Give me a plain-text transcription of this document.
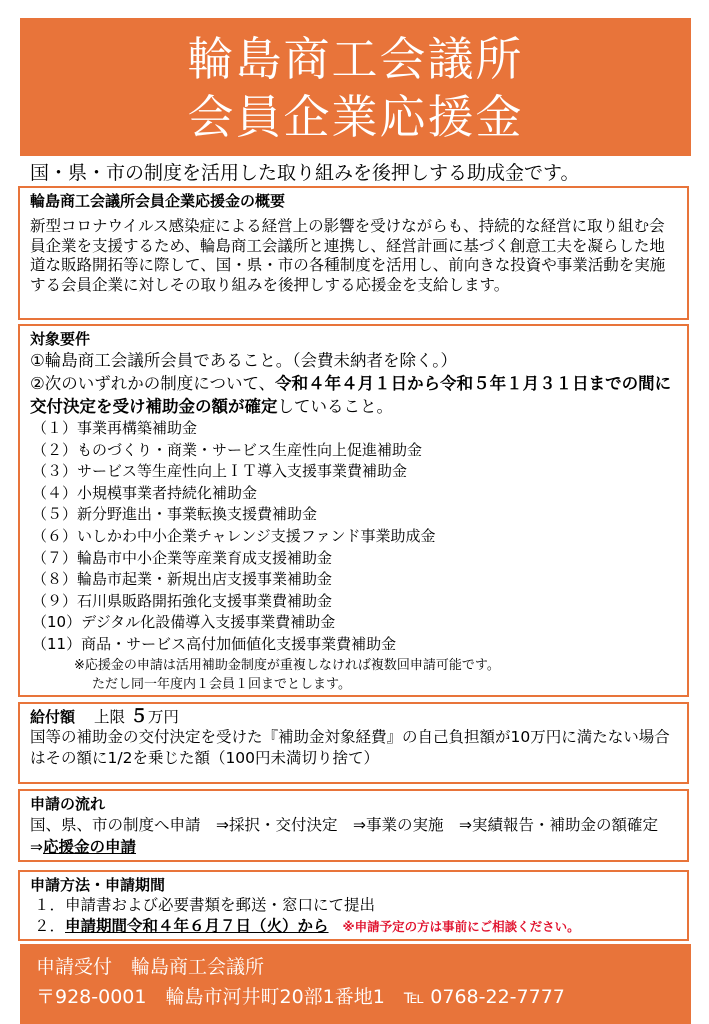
輪島商工会議所
会員企業応援金
国・県・市の制度を活用した取り組みを後押しする助成金です。
輪島商工会議所会員企業応援金の概要

新型コロナウイルス感染症による経営上の影響を受けながらも、持続的な経営に取り組む会員企業を支援するため、輪島商工会議所と連携し、経営計画に基づく創意工夫を凝らした地道な販路開拓等に際して、国・県・市の各種制度を活用し、前向きな投資や事業活動を実施する会員企業に対しその取り組みを後押しする応援金を支給します。

対象要件
①輪島商工会議所会員であること。（会費未納者を除く。）
②次のいずれかの制度について、令和４年４月１日から令和５年１月３１日までの間に交付決定を受け補助金の額が確定していること。
（１）事業再構築補助金
（２）ものづくり・商業・サービス生産性向上促進補助金
（３）サービス等生産性向上ＩＴ導入支援事業費補助金
（４）小規模事業者持続化補助金
（５）新分野進出・事業転換支援費補助金
（６）いしかわ中小企業チャレンジ支援ファンド事業助成金
（７）輪島市中小企業等産業育成支援補助金
（８）輪島市起業・新規出店支援事業補助金
（９）石川県販路開拓強化支援事業費補助金
（10）デジタル化設備導入支援事業費補助金
（11）商品・サービス高付加価値化支援事業費補助金
※応援金の申請は活用補助金制度が重複しなければ複数回申請可能です。
ただし同一年度内１会員１回までとします。
給付額 上限 ５万円
国等の補助金の交付決定を受けた『補助金対象経費』の自己負担額が10万円に満たない場合はその額に1/2を乗じた額（100円未満切り捨て）
申請の流れ
国、県、市の制度へ申請　⇒採択・交付決定　⇒事業の実施　⇒実績報告・補助金の額確定　⇒応援金の申請
申請方法・申請期間
１．申請書および必要書類を郵送・窓口にて提出
２．申請期間令和４年６月７日（火）から ※申請予定の方は事前にご相談ください。
申請受付　輪島商工会議所
〒928-0001　輪島市河井町20部1番地1　℡ 0768-22-7777
